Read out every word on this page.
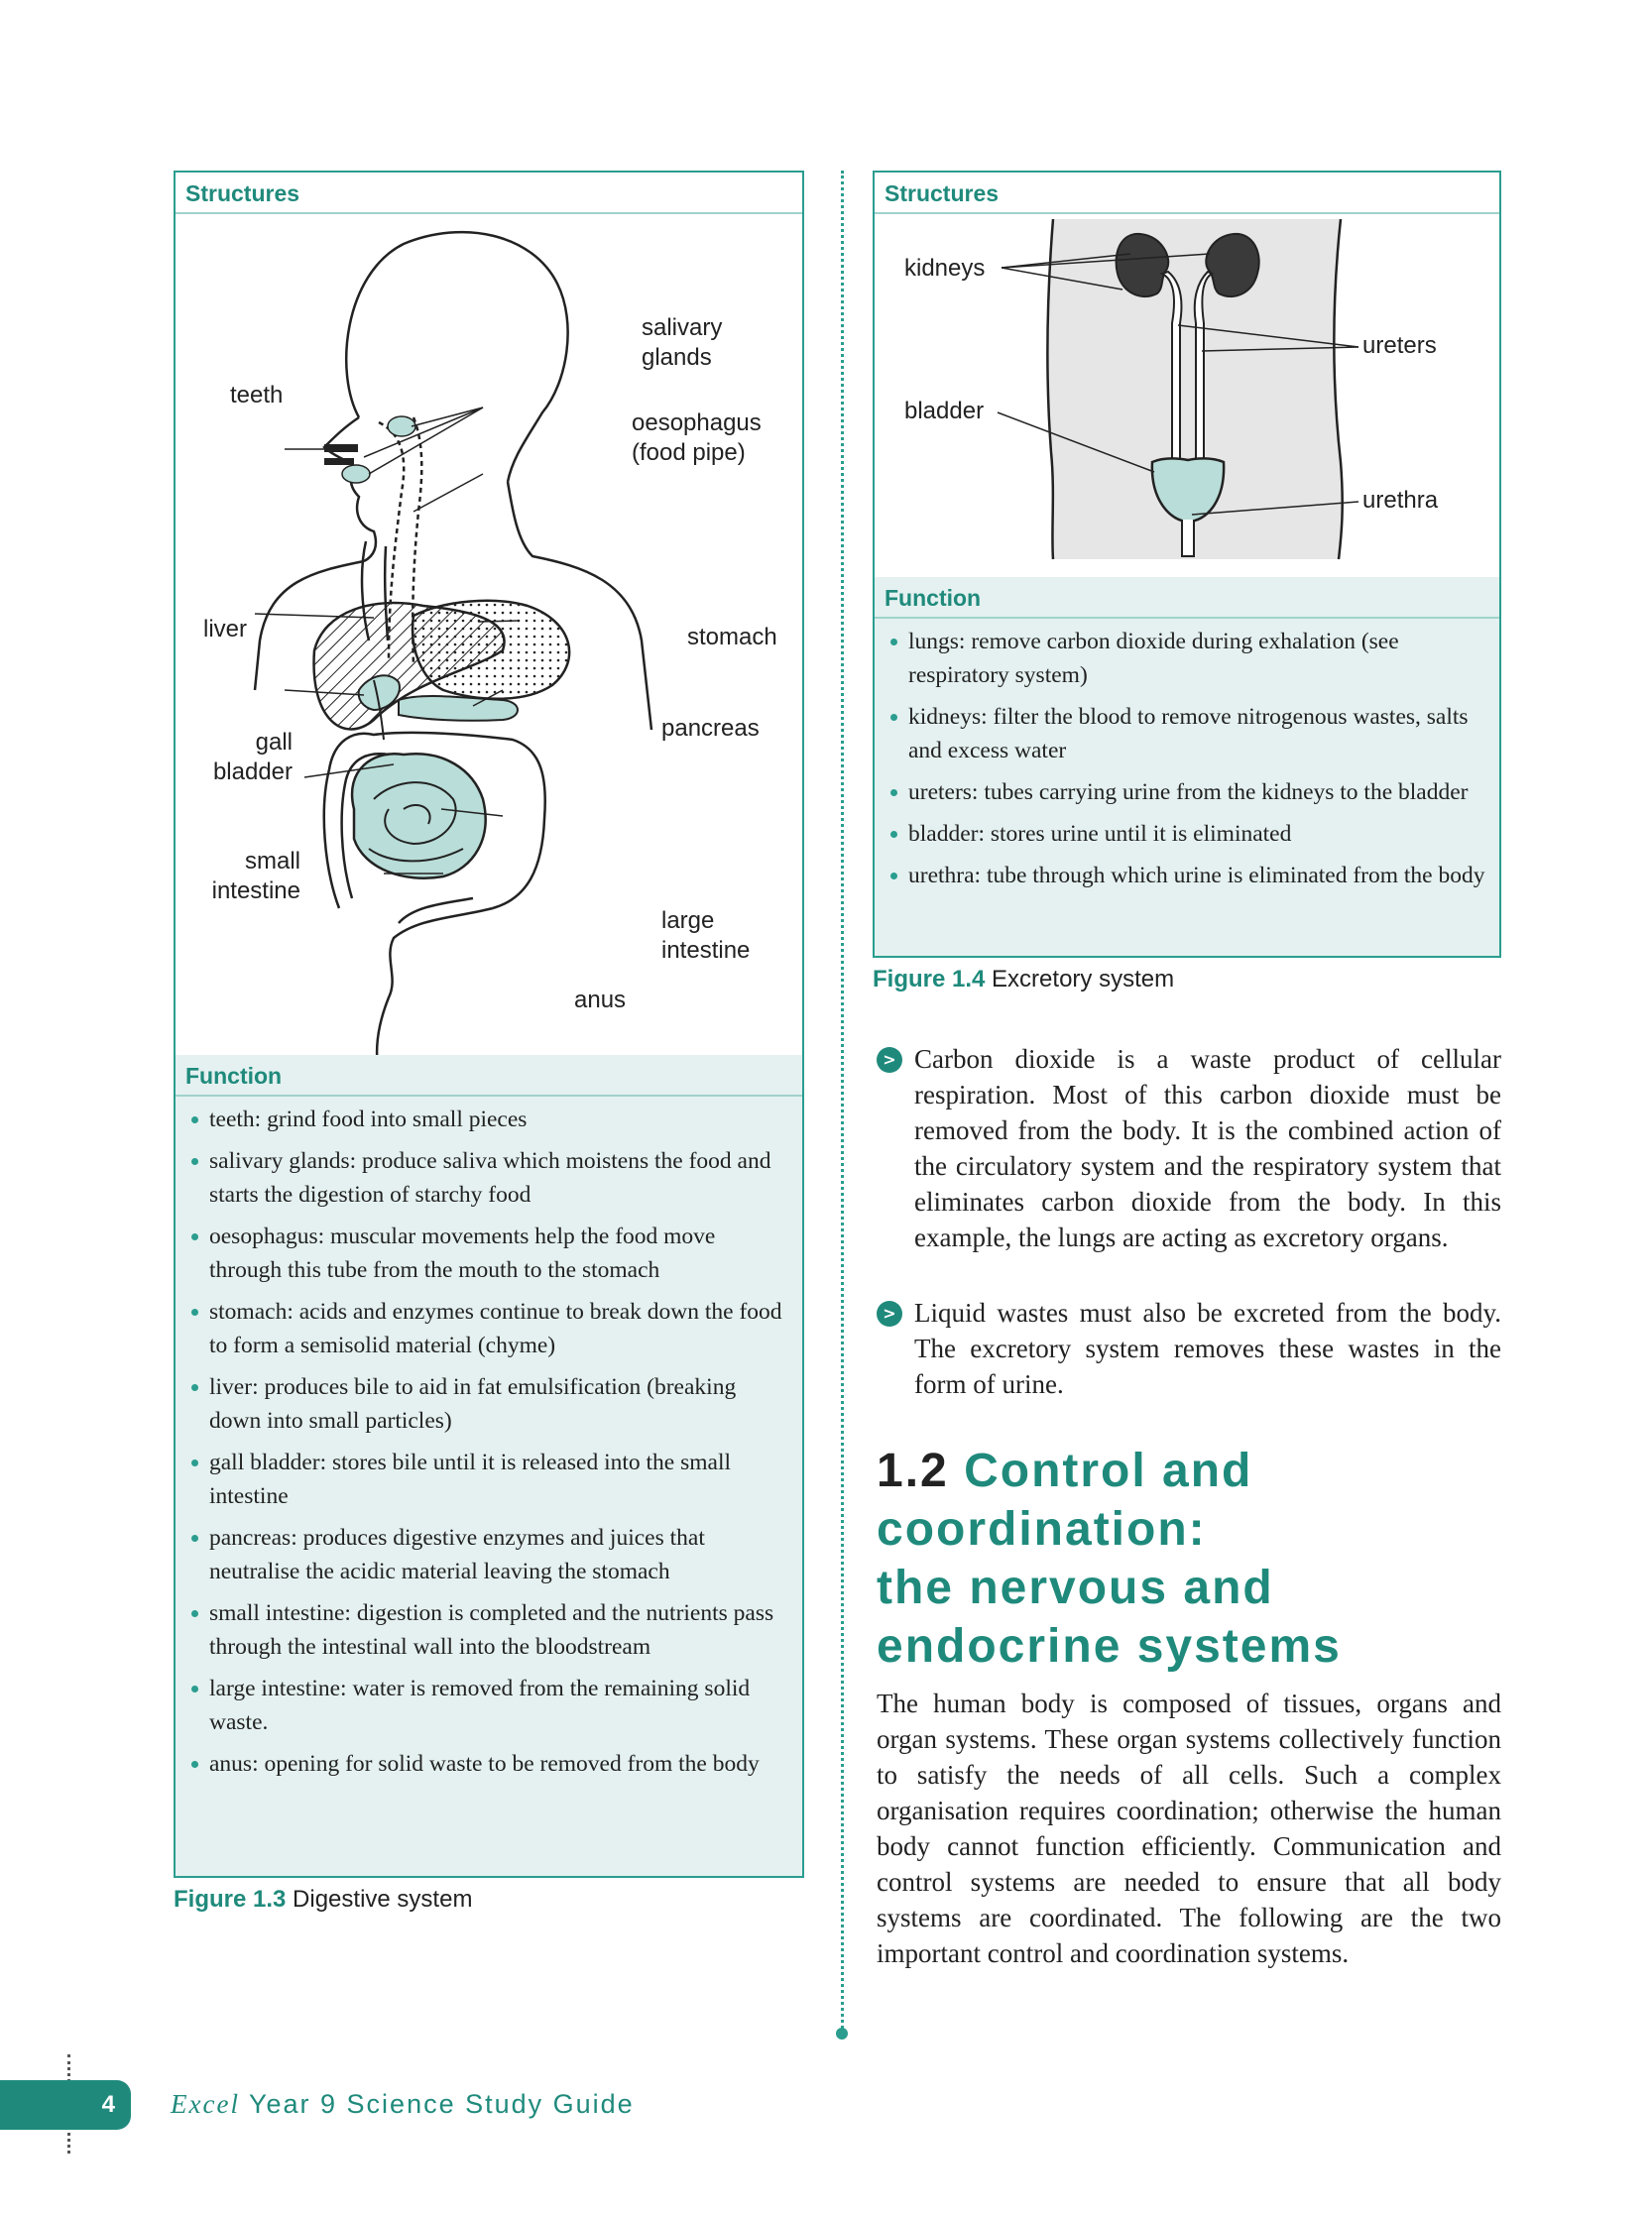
Structures
salivary
glands
teeth
oesophagus
(food pipe)
liver	stomach
gall
bladder
pancreas
small
intestine
large
intestine
anus
Function
teeth: grind food into small pieces
salivary glands: produce saliva which moistens the food and starts the digestion of starchy food
oesophagus: muscular movements help the food move through this tube from the mouth to the stomach
stomach: acids and enzymes continue to break down the food to form a semisolid material (chyme)
liver: produces bile to aid in fat emulsification (breaking down into small particles)
gall bladder: stores bile until it is released into the small intestine
pancreas: produces digestive enzymes and juices that neutralise the acidic material leaving the stomach
small intestine: digestion is completed and the nutrients pass through the intestinal wall into the bloodstream
large intestine: water is removed from the remaining solid waste.
anus: opening for solid waste to be removed from the body
Figure 1.3 Digestive system
Structures
kidneys
ureters
bladder
urethra
Function
lungs: remove carbon dioxide during exhalation (see respiratory system)
kidneys: filter the blood to remove nitrogenous wastes, salts and excess water
ureters: tubes carrying urine from the kidneys to the bladder
bladder: stores urine until it is eliminated
urethra: tube through which urine is eliminated from the body
Figure 1.4 Excretory system
> Carbon dioxide is a waste product of cellular respiration. Most of this carbon dioxide must be removed from the body. It is the combined action of the circulatory system and the respiratory system that eliminates carbon dioxide from the body. In this example, the lungs are acting as excretory organs.
> Liquid wastes must also be excreted from the body. The excretory system removes these wastes in the form of urine.
1.2 Control and
coordination:
the nervous and
endocrine systems
The human body is composed of tissues, organs and organ systems. These organ systems collectively function to satisfy the needs of all cells. Such a complex organisation requires coordination; otherwise the human body cannot function efficiently. Communication and control systems are needed to ensure that all body systems are coordinated. The following are the two important control and coordination systems.
4	Excel Year 9 Science Study Guide
